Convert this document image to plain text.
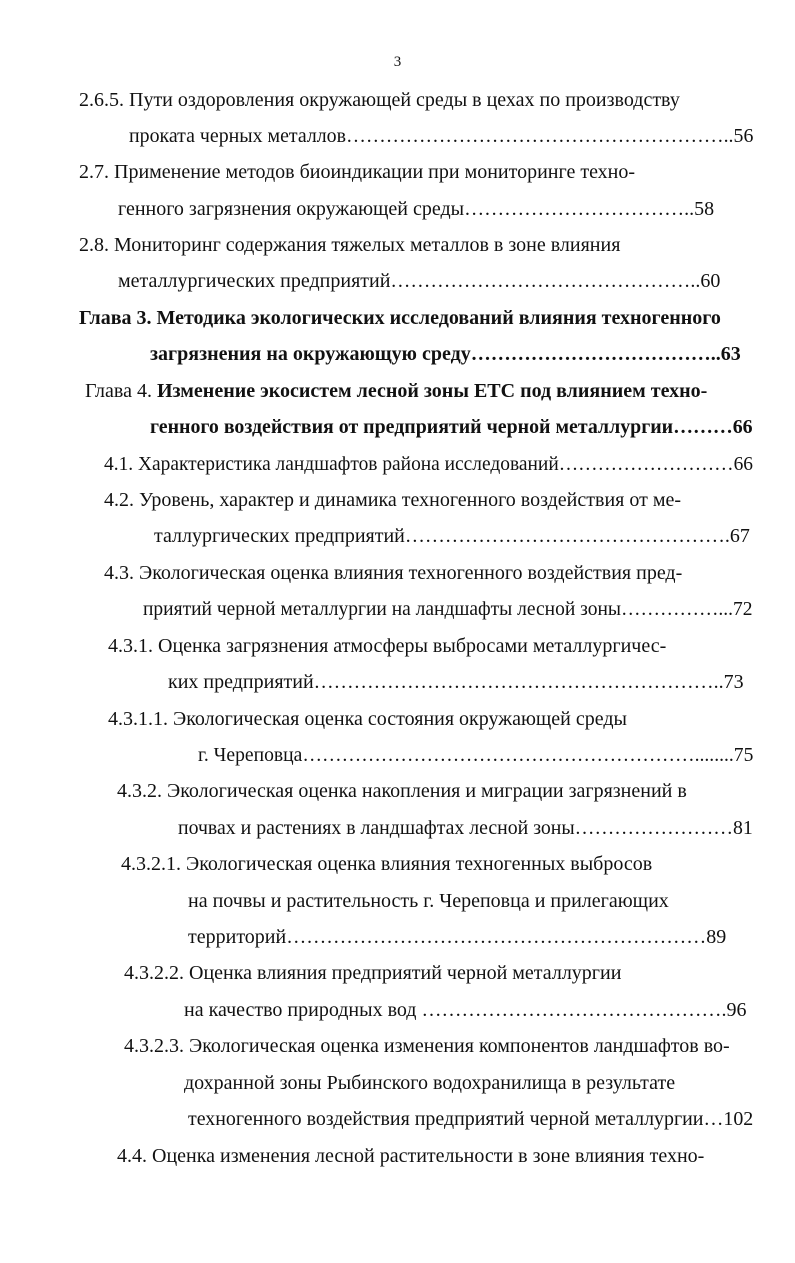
3
2.6.5. Пути оздоровления окружающей среды в цехах по производству
проката черных металлов…………………………………………………..56
2.7. Применение методов биоиндикации при мониторинге техно-
генного загрязнения окружающей среды……………………………..58
2.8. Мониторинг содержания тяжелых металлов в зоне влияния
металлургических предприятий………………………………………..60
Глава 3. Методика экологических исследований влияния техногенного
загрязнения на окружающую среду………………………………..63
Глава 4. Изменение экосистем лесной зоны ЕТС под влиянием техно-
генного воздействия от предприятий черной металлургии………66
4.1. Характеристика ландшафтов района исследований………………………66
4.2. Уровень, характер и динамика техногенного воздействия от ме-
таллургических предприятий………………………………………….67
4.3. Экологическая оценка влияния техногенного воздействия пред-
приятий черной металлургии на ландшафты лесной зоны……………...72
4.3.1. Оценка загрязнения атмосферы выбросами металлургичес-
ких предприятий……………………………………………………..73
4.3.1.1. Экологическая оценка состояния окружающей среды
г. Череповца……………………………………………………........75
4.3.2. Экологическая оценка накопления и миграции загрязнений в
почвах и растениях в ландшафтах лесной зоны……………………81
4.3.2.1. Экологическая оценка влияния техногенных выбросов
на почвы и растительность г. Череповца и прилегающих
территорий………………………………………………………89
4.3.2.2. Оценка влияния предприятий черной металлургии
на качество природных вод ……………………………………….96
4.3.2.3. Экологическая оценка изменения компонентов ландшафтов во-
дохранной зоны Рыбинского водохранилища в результате
техногенного воздействия предприятий черной металлургии…102
4.4. Оценка изменения лесной растительности в зоне влияния техно-
